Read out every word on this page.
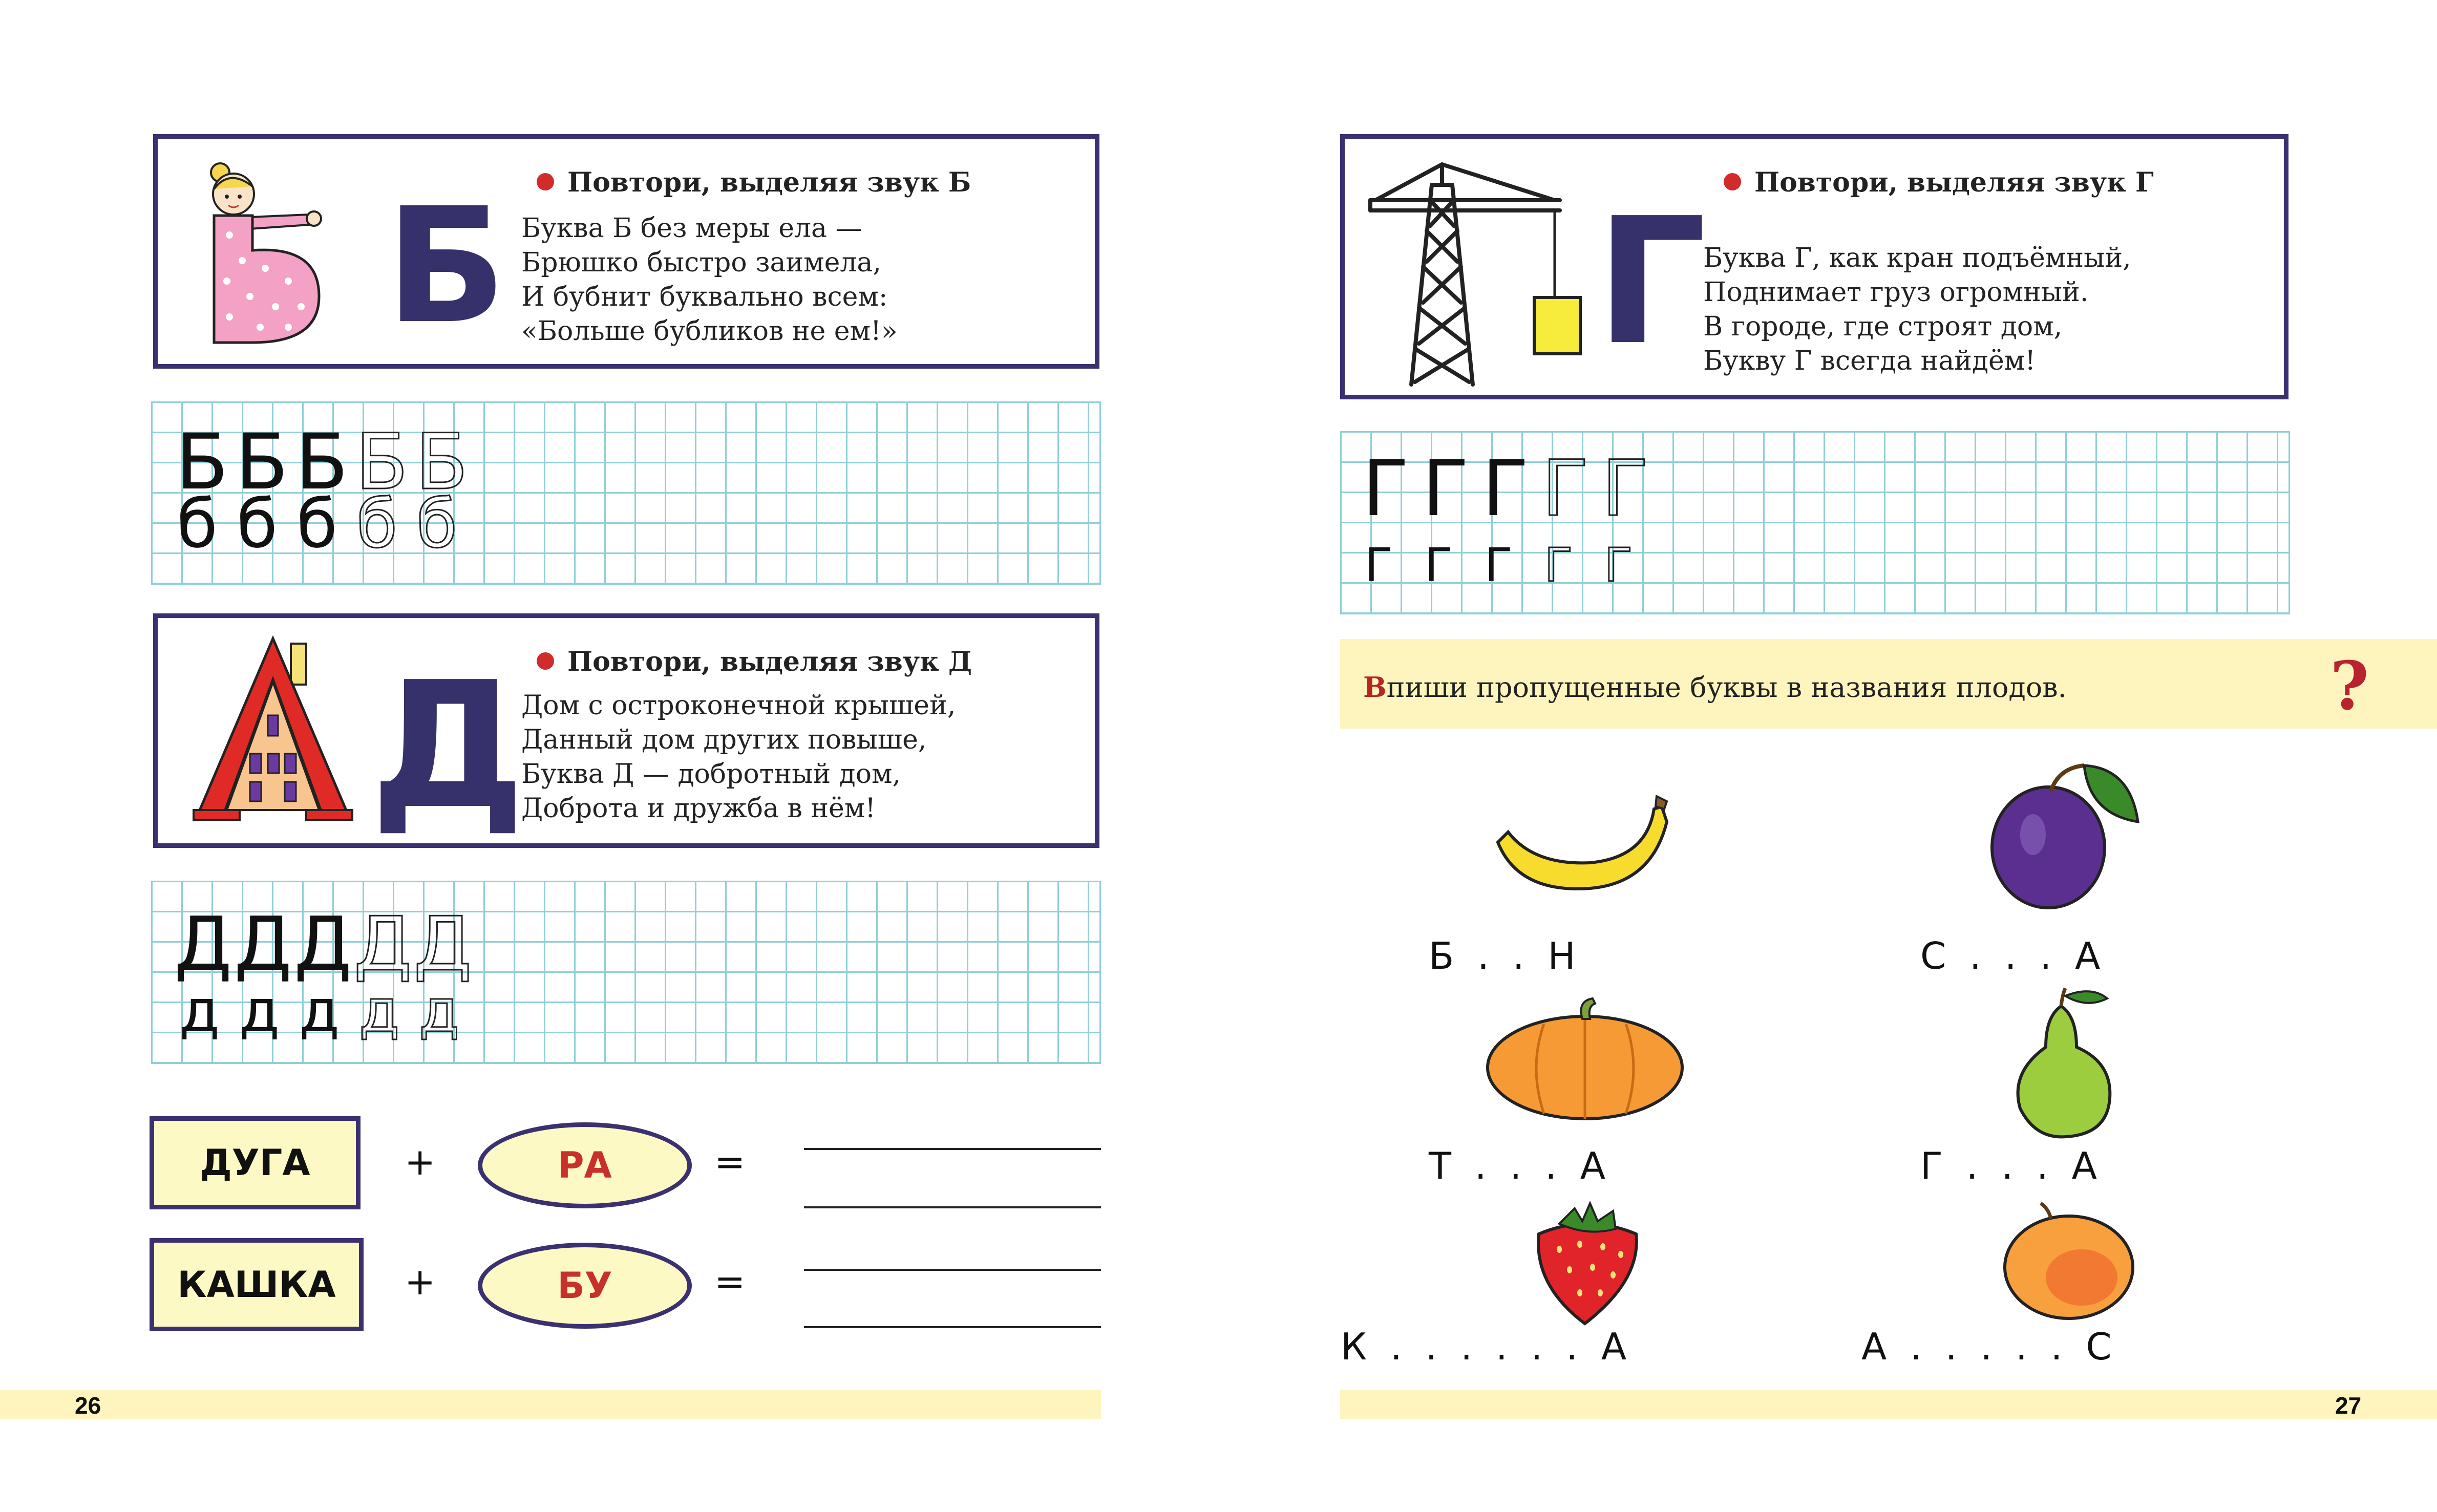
Б	Повтори, выделяя звук Б
Буква Б без меры ела —
Брюшко быстро заимела,
И бубнит буквально всем:
«Больше бубликов не ем!»
Б Б Б Б Б
б б б б б
Д	Повтори, выделяя звук Д
Дом с остроконечной крышей,
Данный дом других повыше,
Буква Д — добротный дом,
Доброта и дружба в нём!
Д Д Д Д Д
д д д д д
ДУГА	+	РА	=
КАШКА	+	БУ	=
26
Г	Повтори, выделяя звук Г
Буква Г, как кран подъёмный,
Поднимает груз огромный.
В городе, где строят дом,
Букву Г всегда найдём!
Г Г Г Г Г
Г Г Г Г Г
Впиши пропущенные буквы в названия плодов.	?
Б  .  .  Н	С  .  .  .  А
Т  .  .  .  А	Г  .  .  .  А
К  .  .  .  .  .  .  А	А  .  .  .  .  .  С
27
